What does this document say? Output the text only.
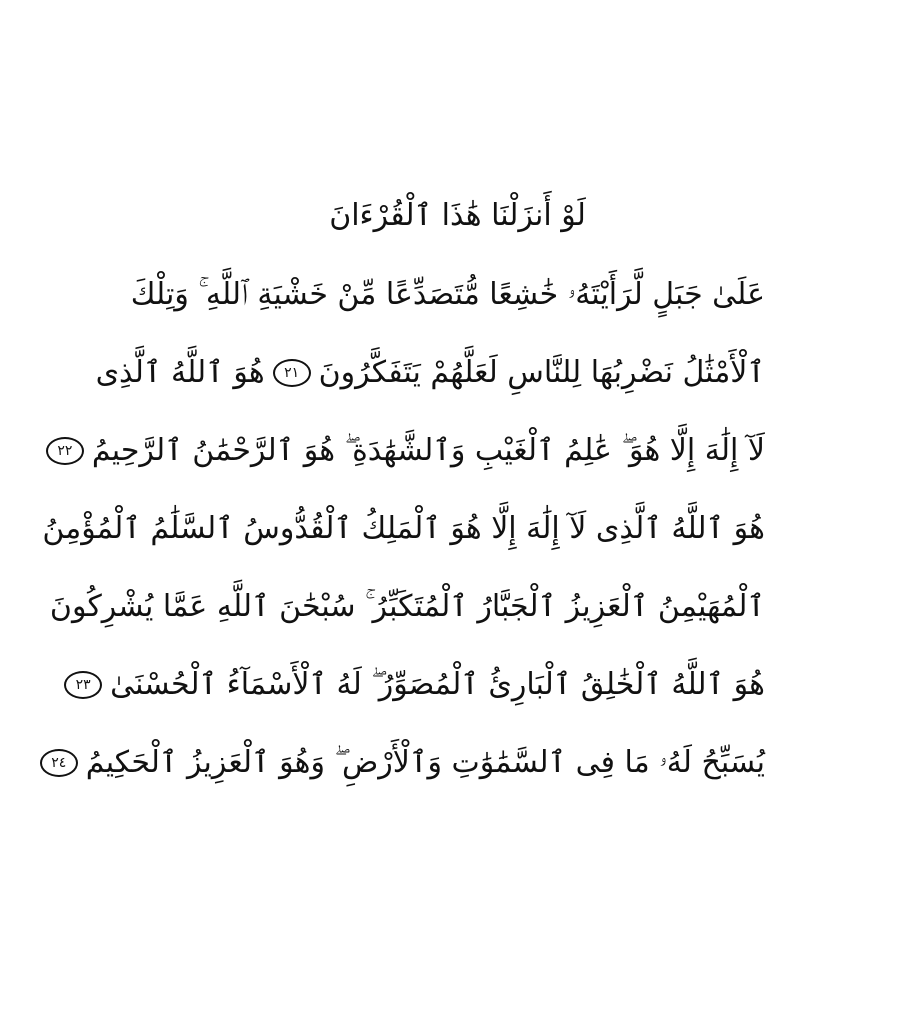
لَوْ أَنزَلْنَا هَٰذَا ٱلْقُرْءَانَ
عَلَىٰ جَبَلٍ لَّرَأَيْتَهُۥ خَٰشِعًا مُّتَصَدِّعًا مِّنْ خَشْيَةِ ٱللَّهِ ۚ وَتِلْكَ
ٱلْأَمْثَٰلُ نَضْرِبُهَا لِلنَّاسِ لَعَلَّهُمْ يَتَفَكَّرُونَ
٢١
هُوَ ٱللَّهُ ٱلَّذِى
لَآ إِلَٰهَ إِلَّا هُوَ ۖ عَٰلِمُ ٱلْغَيْبِ وَٱلشَّهَٰدَةِ ۖ هُوَ ٱلرَّحْمَٰنُ ٱلرَّحِيمُ
٢٢
هُوَ ٱللَّهُ ٱلَّذِى لَآ إِلَٰهَ إِلَّا هُوَ ٱلْمَلِكُ ٱلْقُدُّوسُ ٱلسَّلَٰمُ ٱلْمُؤْمِنُ
ٱلْمُهَيْمِنُ ٱلْعَزِيزُ ٱلْجَبَّارُ ٱلْمُتَكَبِّرُ ۚ سُبْحَٰنَ ٱللَّهِ عَمَّا يُشْرِكُونَ
هُوَ ٱللَّهُ ٱلْخَٰلِقُ ٱلْبَارِئُ ٱلْمُصَوِّرُ ۖ لَهُ ٱلْأَسْمَآءُ ٱلْحُسْنَىٰ
٢٣
يُسَبِّحُ لَهُۥ مَا فِى ٱلسَّمَٰوَٰتِ وَٱلْأَرْضِ ۖ وَهُوَ ٱلْعَزِيزُ ٱلْحَكِيمُ
٢٤
